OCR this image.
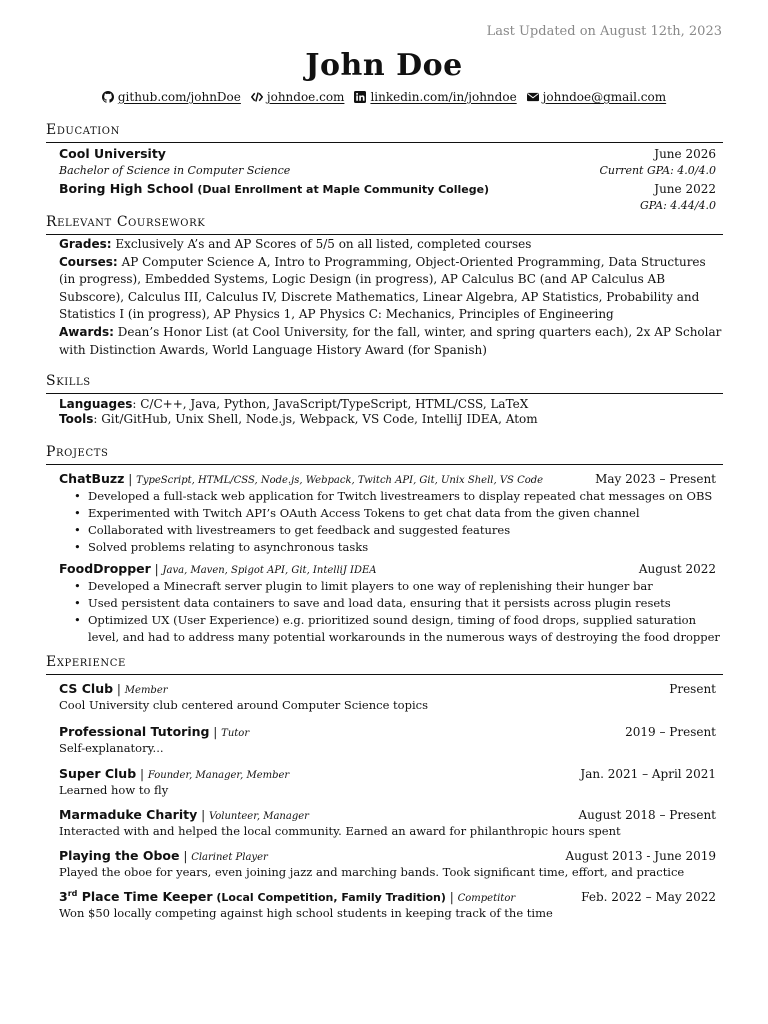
Last Updated on August 12th, 2023
John Doe
github.com/johnDoe johndoe.com linkedin.com/in/johndoe johndoe@gmail.com
Education
Cool University	June 2026
Bachelor of Science in Computer Science	Current GPA: 4.0/4.0
Boring High School (Dual Enrollment at Maple Community College)	June 2022
GPA: 4.44/4.0
Relevant Coursework
Grades: Exclusively A’s and AP Scores of 5/5 on all listed, completed courses
Courses: AP Computer Science A, Intro to Programming, Object-Oriented Programming, Data Structures (in progress), Embedded Systems, Logic Design (in progress), AP Calculus BC (and AP Calculus AB Subscore), Calculus III, Calculus IV, Discrete Mathematics, Linear Algebra, AP Statistics, Probability and Statistics I (in progress), AP Physics 1, AP Physics C: Mechanics, Principles of Engineering
Awards: Dean’s Honor List (at Cool University, for the fall, winter, and spring quarters each), 2x AP Scholar with Distinction Awards, World Language History Award (for Spanish)
Skills
Languages: C/C++, Java, Python, JavaScript/TypeScript, HTML/CSS, LaTeX
Tools: Git/GitHub, Unix Shell, Node.js, Webpack, VS Code, IntelliJ IDEA, Atom
Projects
ChatBuzz | TypeScript, HTML/CSS, Node.js, Webpack, Twitch API, Git, Unix Shell, VS Code	May 2023 – Present
• Developed a full-stack web application for Twitch livestreamers to display repeated chat messages on OBS
• Experimented with Twitch API’s OAuth Access Tokens to get chat data from the given channel
• Collaborated with livestreamers to get feedback and suggested features
• Solved problems relating to asynchronous tasks
FoodDropper | Java, Maven, Spigot API, Git, IntelliJ IDEA	August 2022
• Developed a Minecraft server plugin to limit players to one way of replenishing their hunger bar
• Used persistent data containers to save and load data, ensuring that it persists across plugin resets
• Optimized UX (User Experience) e.g. prioritized sound design, timing of food drops, supplied saturation level, and had to address many potential workarounds in the numerous ways of destroying the food dropper
Experience
CS Club | Member	Present
Cool University club centered around Computer Science topics
Professional Tutoring | Tutor	2019 – Present
Self-explanatory...
Super Club | Founder, Manager, Member	Jan. 2021 – April 2021
Learned how to fly
Marmaduke Charity | Volunteer, Manager	August 2018 – Present
Interacted with and helped the local community. Earned an award for philanthropic hours spent
Playing the Oboe | Clarinet Player	August 2013 - June 2019
Played the oboe for years, even joining jazz and marching bands. Took significant time, effort, and practice
3rd Place Time Keeper (Local Competition, Family Tradition) | Competitor	Feb. 2022 – May 2022
Won $50 locally competing against high school students in keeping track of the time
